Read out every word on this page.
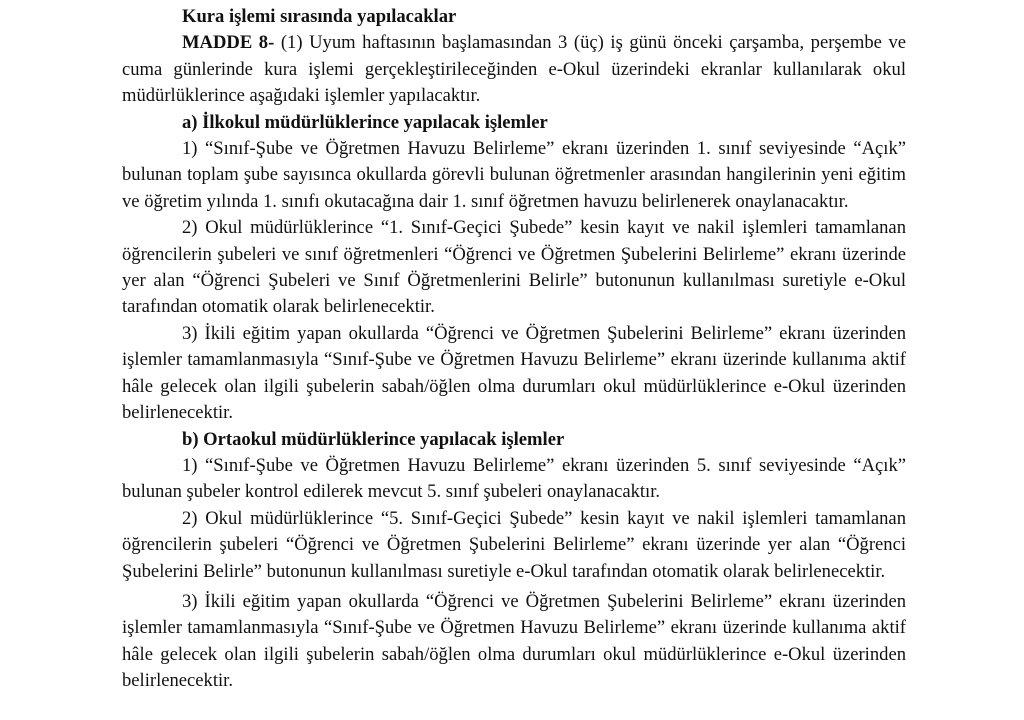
Kura işlemi sırasında yapılacaklar

MADDE 8- (1) Uyum haftasının başlamasından 3 (üç) iş günü önceki çarşamba, perşembe ve cuma günlerinde kura işlemi gerçekleştirileceğinden e-Okul üzerindeki ekranlar kullanılarak okul müdürlüklerince aşağıdaki işlemler yapılacaktır.

a) İlkokul müdürlüklerince yapılacak işlemler

1) “Sınıf-Şube ve Öğretmen Havuzu Belirleme” ekranı üzerinden 1. sınıf seviyesinde “Açık” bulunan toplam şube sayısınca okullarda görevli bulunan öğretmenler arasından hangilerinin yeni eğitim ve öğretim yılında 1. sınıfı okutacağına dair 1. sınıf öğretmen havuzu belirlenerek onaylanacaktır.

2) Okul müdürlüklerince “1. Sınıf-Geçici Şubede” kesin kayıt ve nakil işlemleri tamamlanan öğrencilerin şubeleri ve sınıf öğretmenleri “Öğrenci ve Öğretmen Şubelerini Belirleme” ekranı üzerinde yer alan “Öğrenci Şubeleri ve Sınıf Öğretmenlerini Belirle” butonunun kullanılması suretiyle e-Okul tarafından otomatik olarak belirlenecektir.

3) İkili eğitim yapan okullarda “Öğrenci ve Öğretmen Şubelerini Belirleme” ekranı üzerinden işlemler tamamlanmasıyla “Sınıf-Şube ve Öğretmen Havuzu Belirleme” ekranı üzerinde kullanıma aktif hâle gelecek olan ilgili şubelerin sabah/öğlen olma durumları okul müdürlüklerince e-Okul üzerinden belirlenecektir.

b) Ortaokul müdürlüklerince yapılacak işlemler

1) “Sınıf-Şube ve Öğretmen Havuzu Belirleme” ekranı üzerinden 5. sınıf seviyesinde “Açık” bulunan şubeler kontrol edilerek mevcut 5. sınıf şubeleri onaylanacaktır.

2) Okul müdürlüklerince “5. Sınıf-Geçici Şubede” kesin kayıt ve nakil işlemleri tamamlanan öğrencilerin şubeleri “Öğrenci ve Öğretmen Şubelerini Belirleme” ekranı üzerinde yer alan “Öğrenci Şubelerini Belirle” butonunun kullanılması suretiyle e-Okul tarafından otomatik olarak belirlenecektir.

3) İkili eğitim yapan okullarda “Öğrenci ve Öğretmen Şubelerini Belirleme” ekranı üzerinden işlemler tamamlanmasıyla “Sınıf-Şube ve Öğretmen Havuzu Belirleme” ekranı üzerinde kullanıma aktif hâle gelecek olan ilgili şubelerin sabah/öğlen olma durumları okul müdürlüklerince e-Okul üzerinden belirlenecektir.
